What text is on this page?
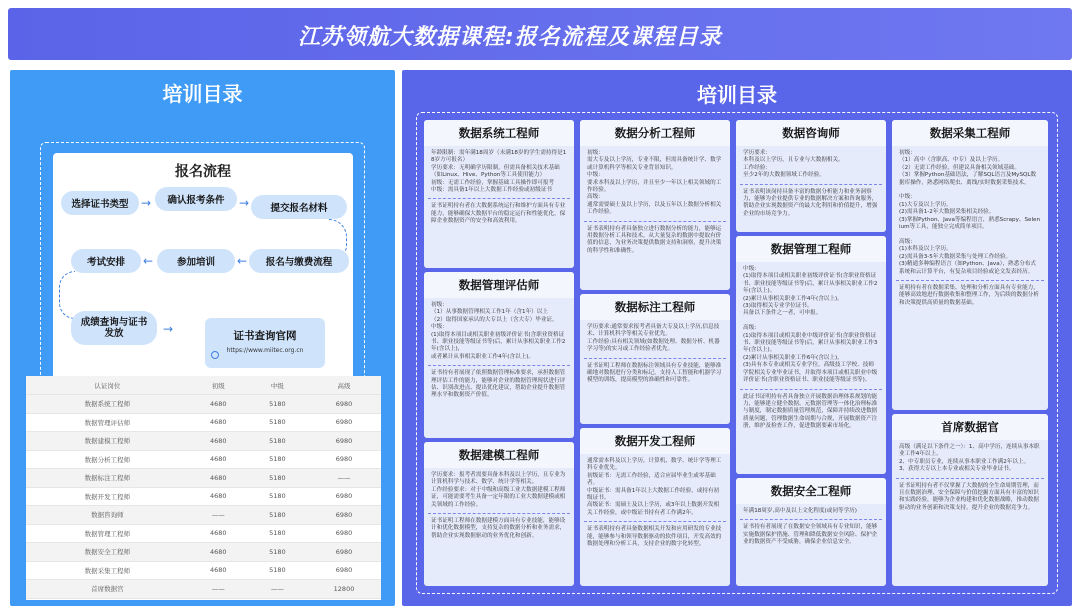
江苏领航大数据课程:报名流程及课程目录
培训目录
报名流程
选择证书类型	→	确认报考条件	→	提交报名材料
报名与缴费流程
←
参加培训
←
考试安排
成绩查询与证书发放	→	证书查询官网
https://www.miitec.org.cn
认证岗位	初级	中级	高级
数据系统工程师	4680	5180	6980
数据管理评估师	4680	5180	6980
数据建模工程师	4680	5180	6980
数据分析工程师	4680	5180	6980
数据标注工程师	4680	5180	——
数据开发工程师	4680	5180	6980
数据咨询师	——	5180	6980
数据管理工程师	4680	5180	6980
数据安全工程师	4680	5180	6980
数据采集工程师	4680	5180	6980
首席数据官	——	——	12800
培训目录
数据系统工程师
年龄限制：需年满18周岁（未满18岁的学生需持得是18岁方可报名）
学历要求：无明确学历限制，但需具备相关技术基础（如Linux、Hive、Python等工具使用能力）
初级：无需工作经验，掌握基础工具操作即可报考
中级：需具备1年以上大数据工作经验或初级证书
证书证明持有者在大数据系统运行和维护方面具有专业能力，能够确保大数据平台的稳定运行和性能优化，保障企业数据资产的安全和高效利用。
数据管理评估师
初级：
（1）从事数据管理相关工作1年（含1年）以上
（2）取得国家承认的大专以上（含大专）毕业证。
中级：
(1)取得本项目或相关职业初级评价证书(含职业资格证书、职业技能等级证书等)后，累计从事相关职业工作2年(含以上)，
或者累计从事相关职业工作4年(含以上)。
证书持有者展现了依照数据管理标准要求，承担数据管理评估工作的能力，能够对企业的数据管理现状进行评估、识别改进点、提出优化建议，帮助企业提升数据管理水平和数据资产价值。
数据建模工程师
学历要求：报考者需要具备本科及以上学历，且专业为计算机科学与技术、数学、统计学等相关。
工作经验要求：对于中级和高级工业大数据建模工程师证，可能需要考生具备一定年限的工业大数据建模或相关领域的工作经验。
证书证明工程师在数据建模方面具有专业技能，能够设计和优化数据模型，支持复杂的数据分析和业务需求，帮助企业实现数据驱动的业务优化和创新。
数据分析工程师
初级：
需大专及以上学历，专业不限，但需具备统计学、数学或计算机科学等相关专业背景知识。
中级：
要求本科及以上学历，并且至少一年以上相关领域的工作经验。
高级：
通常需要硕士及以上学历，以及五年以上数据分析相关工作经验。
证书表明持有者具备独立进行数据分析的能力，能够运用数据分析工具和技术，从大量复杂的数据中提取有价值的信息，为业务决策提供数据支持和洞察，提升决策的科学性和准确性。
数据标注工程师
学历要求:通常要求报考者具备大专及以上学历,信息技术、计算机科学等相关专业优先。
工作经验:具有相关领域(如数据处理、数据分析、机器学习等)的实习或工作经验者优先。
证书证明工程师在数据标注领域具有专业技能，能够准确地对数据进行分类和标记，支持人工智能和机器学习模型的训练，提高模型的准确性和可靠性。
数据开发工程师
通常需本科及以上学历，计算机、数学、统计学等理工科专业优先。
初级证书：无需工作经验，适合应届毕业生或零基础者。
中级证书：需具备1年以上大数据工作经验，或持有初级证书。
高级证书：需硕士及以上学历，或3年以上数据开发相关工作经验，或中级证书持有者工作满2年。
证书表明持有者具备数据相关开发和应用研发的专业技能，能够参与和领导数据驱动的软件项目，开发高效的数据处理和分析工具，支持企业的数字化转型。
数据咨询师
学历要求：
本科及以上学历，且专业与大数据相关。
工作经验：
至少2年的大数据领域工作经验。
证书表明该岗持具备丰富的数据分析能力和业务洞察力，能够为企业提供专业的数据解决方案和咨询服务，帮助企业实现数据资产的最大化利用和价值提升，增强企业的市场竞争力。
数据管理工程师
中级:
(1)取得本项目或相关职业初级评价证书(含职业资格证书、职业技能等级证书等)后，累计从事相关职业工作2年(含以上)。
(2)累计从事相关职业工作4年(含以上)。
(3)取得相关专业学位证书。
具备以下条件之一者，可申报。

高级:
(1)取得本项目或相关职业中级评价证书(含职业资格证书、职业技能等级证书等)后，累计从事相关职业工作3年(含以上)。
(2)累计从事相关职业工作6年(含以上)。
(3)具有本专业或相关专业学位，高级技工学校、技师学院相关专业毕业证书，并取得本项目或相关职业中级评价证书(含职业资格证书、职业技能等级证书等)。
此证书证明持有者具备独立开展数据治理体系规划的能力，能够建立健全数据、元数据管理等一体化治理标准与制度，制定数据质量管理规范，保障并持续改进数据质量问题，管理数据生命周期与合规，开展数据资产注册，维护及检查工作，促进数据要素市场化。
数据安全工程师
年满18周岁,高中及以上文化程度(或同等学历)
证书持有者展现了在数据安全领域具有专业知识，能够实施数据保护措施、管理和降低数据安全风险、保护企业的数据资产不受威胁，确保企业信息安全。
数据采集工程师
初级：
（1）高中（含职高、中专）及以上学历。
（2）无需工作经验，但建议具备相关领域基础。
（3）掌握Python基础语法，了解SQL语言及MySQL数据库操作，熟悉网络爬虫、离线/实时数据采集技术。

中级：
(1)大专及以上学历。
(2)需具备1-2年大数据采集相关经验。
(3)掌握Python、Java等编程语言，熟悉Scrapy、Selenium等工具，能独立完成简单项目。

高级：
(1)本科及以上学历。
(2)需具备3-5年大数据采集与处理工作经验。
(3)精通多种编程语言（如Python、Java），熟悉分布式系统和云计算平台，有复杂项目经验或论文发表经历。
证明持有者在数据采集、处理和分析方面具有专业能力，能够高效地进行数据收集和整理工作，为后续的数据分析和决策提供高质量的数据基础。
首席数据官
高级（满足以下条件之一）：1、高中学历，连续从事本职业工作4年以上。
2、中专职员专业，连续从事本职业工作满2年以上。
3、获得大专以上本专业或相关专业毕业证书。
证书证明持有者不仅掌握了大数据的全生命周期管理，而且在数据治理、安全保障与价值挖掘方面具有丰富的知识和实践经验，能够为企业构建和优化数据战略，推动数据驱动的业务创新和决策支持，提升企业的数据竞争力。
